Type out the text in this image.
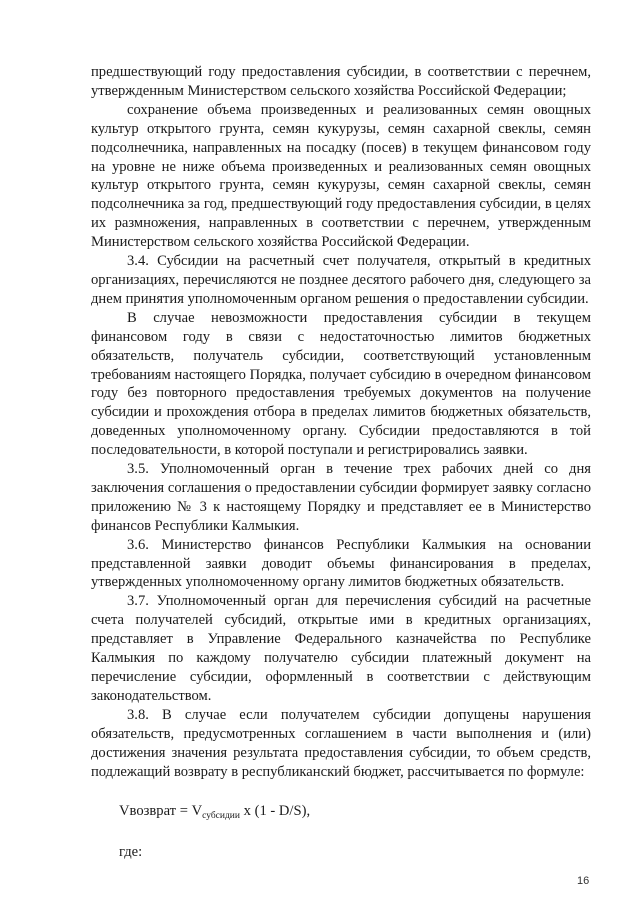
предшествующий году предоставления субсидии, в соответствии с перечнем, утвержденным Министерством сельского хозяйства Российской Федерации;

сохранение объема произведенных и реализованных семян овощных культур открытого грунта, семян кукурузы, семян сахарной свеклы, семян подсолнечника, направленных на посадку (посев) в текущем финансовом году на уровне не ниже объема произведенных и реализованных семян овощных культур открытого грунта, семян кукурузы, семян сахарной свеклы, семян подсолнечника за год, предшествующий году предоставления субсидии, в целях их размножения, направленных в соответствии с перечнем, утвержденным Министерством сельского хозяйства Российской Федерации.

3.4. Субсидии на расчетный счет получателя, открытый в кредитных организациях, перечисляются не позднее десятого рабочего дня, следующего за днем принятия уполномоченным органом решения о предоставлении субсидии.

В случае невозможности предоставления субсидии в текущем финансовом году в связи с недостаточностью лимитов бюджетных обязательств, получатель субсидии, соответствующий установленным требованиям настоящего Порядка, получает субсидию в очередном финансовом году без повторного предоставления требуемых документов на получение субсидии и прохождения отбора в пределах лимитов бюджетных обязательств, доведенных уполномоченному органу. Субсидии предоставляются в той последовательности, в которой поступали и регистрировались заявки.

3.5. Уполномоченный орган в течение трех рабочих дней со дня заключения соглашения о предоставлении субсидии формирует заявку согласно приложению № 3 к настоящему Порядку и представляет ее в Министерство финансов Республики Калмыкия.

3.6. Министерство финансов Республики Калмыкия на основании представленной заявки доводит объемы финансирования в пределах, утвержденных уполномоченному органу лимитов бюджетных обязательств.

3.7. Уполномоченный орган для перечисления субсидий на расчетные счета получателей субсидий, открытые ими в кредитных организациях, представляет в Управление Федерального казначейства по Республике Калмыкия по каждому получателю субсидии платежный документ на перечисление субсидии, оформленный в соответствии с действующим законодательством.

3.8. В случае если получателем субсидии допущены нарушения обязательств, предусмотренных соглашением в части выполнения и (или) достижения значения результата предоставления субсидии, то объем средств, подлежащий возврату в республиканский бюджет, рассчитывается по формуле:

Vвозврат = $V_{субсидии}$ x (1 - D/S),
где:
16
